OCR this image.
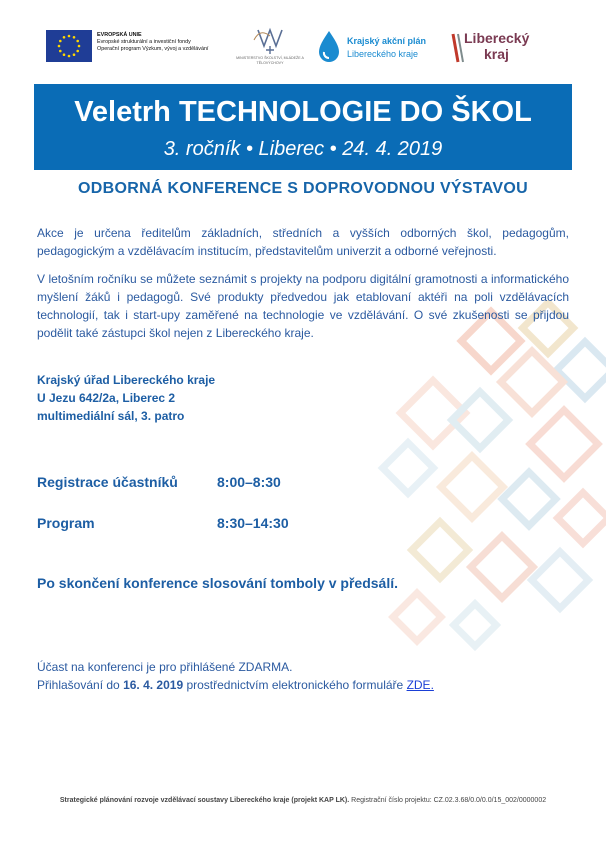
EVROPSKÁ UNIE
Evropské strukturální a investiční fondy
Operační program Výzkum, vývoj a vzdělávání
MINISTERSTVO ŠKOLSTVÍ, MLÁDEŽE A TĚLOVÝCHOVY
Krajský akční plán
Libereckého kraje
Liberecký
kraj
Veletrh TECHNOLOGIE DO ŠKOL
3. ročník • Liberec • 24. 4. 2019
ODBORNÁ KONFERENCE S DOPROVODNOU VÝSTAVOU
Akce je určena ředitelům základních, středních a vyšších odborných škol, pedagogům, pedagogickým a vzdělávacím institucím, představitelům univerzit a odborné veřejnosti.
V letošním ročníku se můžete seznámit s projekty na podporu digitální gramotnosti a informatického myšlení žáků i pedagogů. Své produkty předvedou jak etablovaní aktéři na poli vzdělávacích technologií, tak i start-upy zaměřené na technologie ve vzdělávání. O své zkušenosti se přijdou podělit také zástupci škol nejen z Libereckého kraje.
Krajský úřad Libereckého kraje
U Jezu 642/2a, Liberec 2
multimediální sál, 3. patro
Registrace účastníků	8:00–8:30
Program	8:30–14:30
Po skončení konference slosování tomboly v předsálí.
Účast na konferenci je pro přihlášené ZDARMA.
Přihlašování do 16. 4. 2019 prostřednictvím elektronického formuláře ZDE.
Strategické plánování rozvoje vzdělávací soustavy Libereckého kraje (projekt KAP LK). Registrační číslo projektu: CZ.02.3.68/0.0/0.0/15_002/0000002
